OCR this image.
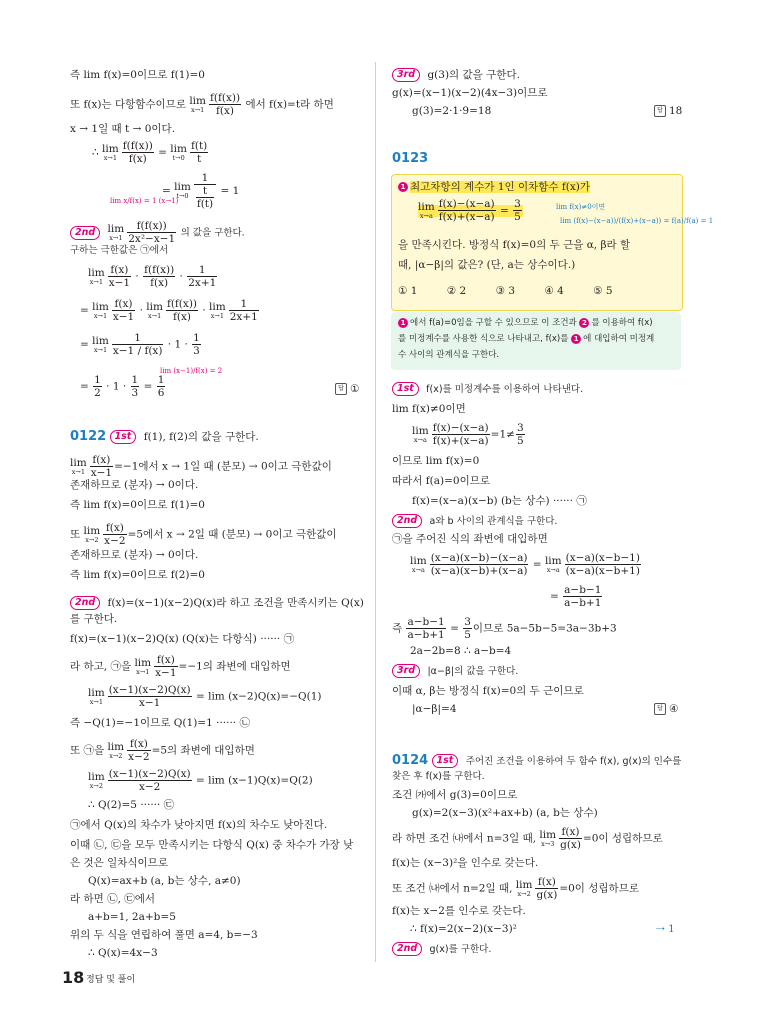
즉 lim f(x)=0이므로 f(1)=0
또 f(x)는 다항함수이므로 lim
$x\to 1 \frac{f(f(x))}{f(x)}$ 에서 f(x)=t라 하면
x → 1일 때 t → 0이다.
∴ lim
$x\to 1 \frac{f(f(x))}{f(x)} = \lim$
$t\to 0 \frac{f(t)}{t}$
= lim
$t\to 0 \frac{1}{\frac{t}{f(t)}} = 1$
lim x/f(x) = 1 (x→1)
2nd lim
$x\to 1 \frac{f(f(x))}{\text{2x²−x−1}}$ 의 값을 구한다.
구하는 극한값은 ㉠에서
lim
$x\to 1 \frac{f(x)}{x-1} \cdot \frac{f(f(x))}{f(x)} \cdot \frac{1}{2x+1}$
= lim
$x\to 1 \frac{f(x)}{x-1} \cdot \lim$
$x\to 1 \frac{f(f(x))}{f(x)} \cdot \lim$
$x\to 1 \frac{1}{2x+1}$
= lim
$x\to 1 \frac{1}{x-1 / f(x)} \cdot 1 \cdot \frac{1}{3}$
lim (x−1)/f(x) = 2
= $\frac{1}{2} \cdot 1 \cdot \frac{1}{3} = \frac{1}{6}$	답 ①
0122 1st f(1), f(2)의 값을 구한다.
lim
$x\to 1 \frac{f(x)}{x-1} =-1$에서 x → 1일 때 (분모) → 0이고 극한값이
존재하므로 (분자) → 0이다.
즉 lim f(x)=0이므로 f(1)=0
또 lim
$x\to 2 \frac{f(x)}{x-2} =5$에서 x → 2일 때 (분모) → 0이고 극한값이
존재하므로 (분자) → 0이다.
즉 lim f(x)=0이므로 f(2)=0
2nd f(x)=(x−1)(x−2)Q(x)라 하고 조건을 만족시키는 Q(x)
를 구한다.
f(x)=(x−1)(x−2)Q(x) (Q(x)는 다항식) ······ ㉠
라 하고, ㉠을 lim
$x\to 1 \frac{f(x)}{x-1} =-1$의 좌변에 대입하면
lim
$x\to 1 \frac{(x-1)(x-2)Q(x)}{x-1} = \lim (x-2)Q(x)=-Q(1)$
즉 −Q(1)=−1이므로 Q(1)=1 ······ ㉡
또 ㉠을 lim
$x\to 2 \frac{f(x)}{x-2} =5$의 좌변에 대입하면
lim
$x\to 2 \frac{(x-1)(x-2)Q(x)}{x-2} = \lim (x-1)Q(x)=Q(2)$
∴ Q(2)=5 ······ ㉢
㉠에서 Q(x)의 차수가 낮아지면 f(x)의 차수도 낮아진다.
이때 ㉡, ㉢을 모두 만족시키는 다항식 Q(x) 중 차수가 가장 낮
은 것은 일차식이므로
Q(x)=ax+b (a, b는 상수, a≠0)
라 하면 ㉡, ㉢에서
a+b=1, 2a+b=5
위의 두 식을 연립하여 풀면 a=4, b=−3
∴ Q(x)=4x−3
3rd g(3)의 값을 구한다.
g(x)=(x−1)(x−2)(4x−3)이므로
g(3)=2·1·9=18	답 18
0123
1 최고차항의 계수가 1인 이차함수 f(x)가
lim
$x\to a \frac{f(x)-(x-a)}{f(x)+(x-a)} = \frac{3}{5}$	lim f(x)≠0이면
lim (f(x)−(x−a))/(f(x)+(x−a)) = f(a)/f(a) = 1
을 만족시킨다. 방정식 f(x)=0의 두 근을 α, β라 할
때, |α−β|의 값은? (단, a는 상수이다.)
① 1	② 2	③ 3	④ 4	⑤ 5
1 에서 f(a)=0임을 구할 수 있으므로 이 조건과 2 를 이용하여 f(x)
를 미정계수를 사용한 식으로 나타내고, f(x)를 1 에 대입하여 미정계
수 사이의 관계식을 구한다.
1st f(x)를 미정계수를 이용하여 나타낸다.
lim f(x)≠0이면
lim
$x\to a \frac{f(x)-(x-a)}{f(x)+(x-a)} =1\ne \frac{3}{5}$
이므로 lim f(x)=0
따라서 f(a)=0이므로
f(x)=(x−a)(x−b) (b는 상수) ······ ㉠
2nd a와 b 사이의 관계식을 구한다.
㉠을 주어진 식의 좌변에 대입하면
lim
$x\to a \frac{(x-a)(x-b)-(x-a)}{(x-a)(x-b)+(x-a)} = \lim$
$x\to a \frac{(x-a)(x-b-1)}{(x-a)(x-b+1)}$
= $\frac{a-b-1}{a-b+1}$
즉 $\frac{a-b-1}{a-b+1} = \frac{3}{5}$ 이므로 5a−5b−5=3a−3b+3
2a−2b=8 ∴ a−b=4
3rd |α−β|의 값을 구한다.
이때 α, β는 방정식 f(x)=0의 두 근이므로
|α−β|=4	답 ④
0124 1st 주어진 조건을 이용하여 두 함수 f(x), g(x)의 인수를
찾은 후 f(x)를 구한다.
조건 ㈎에서 g(3)=0이므로
g(x)=2(x−3)(x²+ax+b) (a, b는 상수)
라 하면 조건 ㈏에서 n=3일 때, lim
$x\to 3 \frac{f(x)}{g(x)} =0$이 성립하므로
f(x)는 (x−3)²을 인수로 갖는다.
또 조건 ㈏에서 n=2일 때, lim
$x\to 2 \frac{f(x)}{g(x)} =0$이 성립하므로
f(x)는 x−2를 인수로 갖는다.
∴ f(x)=2(x−2)(x−3)²	⇢ 1
2nd g(x)를 구한다.
18 정답 및 풀이
